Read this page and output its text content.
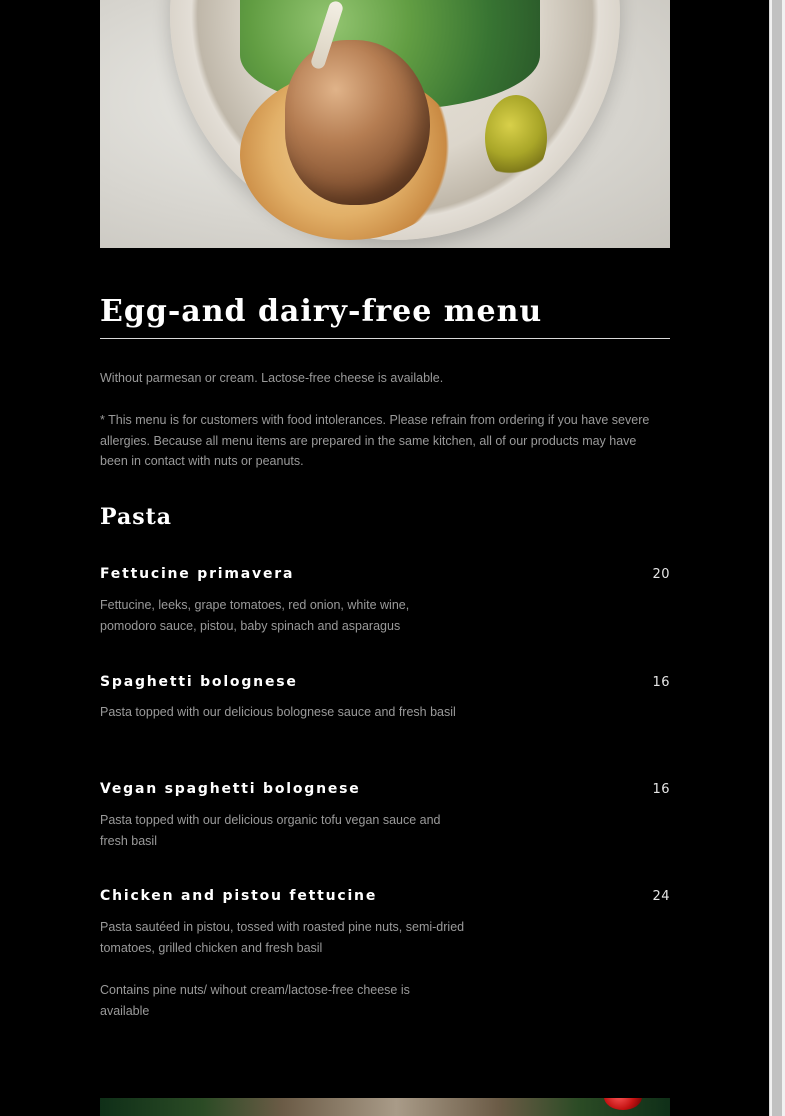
Egg-and dairy-free menu
Without parmesan or cream. Lactose-free cheese is available.
* This menu is for customers with food intolerances. Please refrain from ordering if you have severe allergies. Because all menu items are prepared in the same kitchen, all of our products may have been in contact with nuts or peanuts.
Pasta
Fettucine primavera	20
Fettucine, leeks, grape tomatoes, red onion, white wine, pomodoro sauce, pistou, baby spinach and asparagus
Spaghetti bolognese	16
Pasta topped with our delicious bolognese sauce and fresh basil
Vegan spaghetti bolognese	16
Pasta topped with our delicious organic tofu vegan sauce and fresh basil
Chicken and pistou fettucine	24
Pasta sautéed in pistou, tossed with roasted pine nuts, semi-dried tomatoes, grilled chicken and fresh basil
Contains pine nuts/ wihout cream/lactose-free cheese is available
